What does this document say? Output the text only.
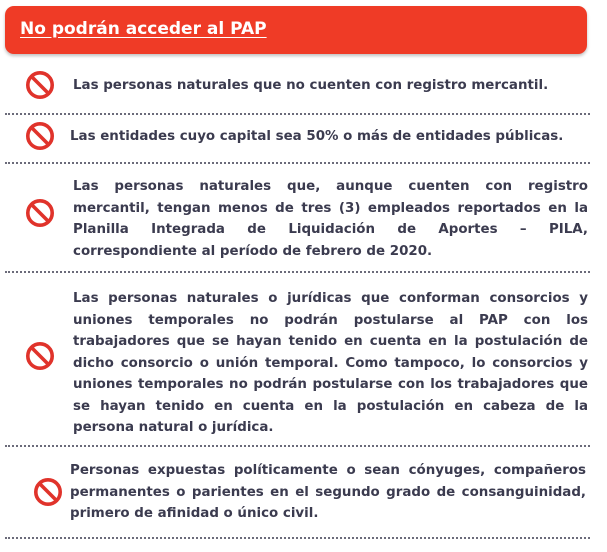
No podrán acceder al PAP
Las personas naturales que no cuenten con registro mercantil.
Las entidades cuyo capital sea 50% o más de entidades públicas.
Las personas naturales que, aunque cuenten con registro mercantil, tengan menos de tres (3) empleados reportados en la Planilla Integrada de Liquidación de Aportes – PILA, correspondiente al período de febrero de 2020.
Las personas naturales o jurídicas que conforman consorcios y uniones temporales no podrán postularse al PAP con los trabajadores que se hayan tenido en cuenta en la postulación de dicho consorcio o unión temporal. Como tampoco, lo consorcios y uniones temporales no podrán postularse con los trabajadores que se hayan tenido en cuenta en la postulación en cabeza de la persona natural o jurídica.
Personas expuestas políticamente o sean cónyuges, compañeros permanentes o parientes en el segundo grado de consanguinidad, primero de afinidad o único civil.
